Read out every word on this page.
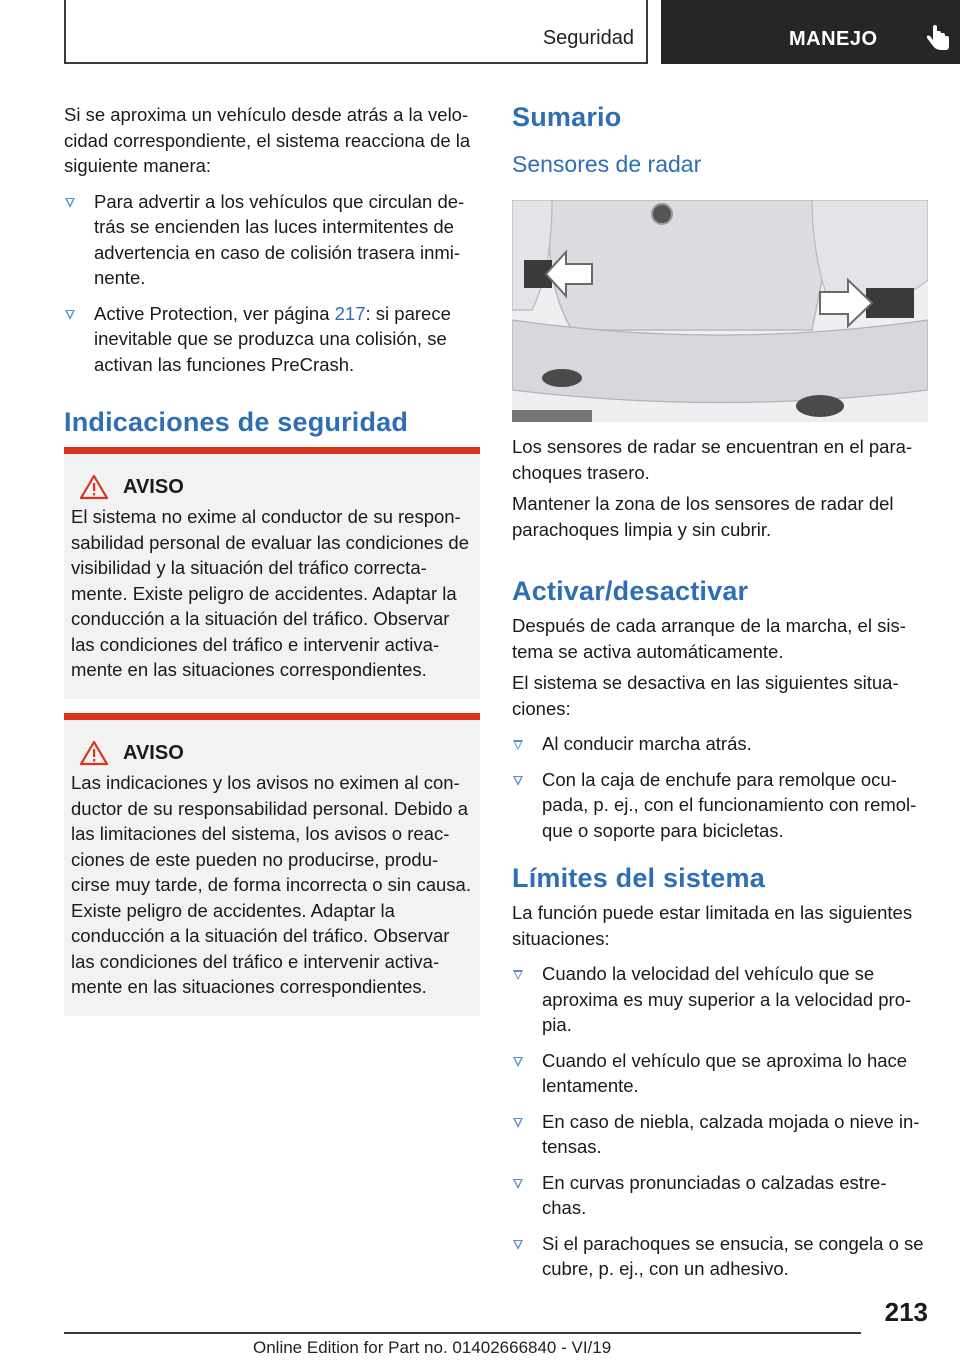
Seguridad	MANEJO

Si se aproxima un vehículo desde atrás a la velo-cidad correspondiente, el sistema reacciona de la siguiente manera:

Para advertir a los vehículos que circulan de-trás se encienden las luces intermitentes de advertencia en caso de colisión trasera inmi-nente.
Active Protection, ver página 217: si parece inevitable que se produzca una colisión, se activan las funciones PreCrash.
Indicaciones de seguridad
AVISO

El sistema no exime al conductor de su respon-sabilidad personal de evaluar las condiciones de visibilidad y la situación del tráfico correcta-mente. Existe peligro de accidentes. Adaptar la conducción a la situación del tráfico. Observar las condiciones del tráfico e intervenir activa-mente en las situaciones correspondientes.

AVISO

Las indicaciones y los avisos no eximen al con-ductor de su responsabilidad personal. Debido a las limitaciones del sistema, los avisos o reac-ciones de este pueden no producirse, produ-cirse muy tarde, de forma incorrecta o sin causa. Existe peligro de accidentes. Adaptar la conducción a la situación del tráfico. Observar las condiciones del tráfico e intervenir activa-mente en las situaciones correspondientes.

Sumario
Sensores de radar

Los sensores de radar se encuentran en el para-choques trasero.

Mantener la zona de los sensores de radar del parachoques limpia y sin cubrir.

Activar/desactivar

Después de cada arranque de la marcha, el sis-tema se activa automáticamente.

El sistema se desactiva en las siguientes situa-ciones:

Al conducir marcha atrás.
Con la caja de enchufe para remolque ocu-pada, p. ej., con el funcionamiento con remol-que o soporte para bicicletas.
Límites del sistema

La función puede estar limitada en las siguientes situaciones:

Cuando la velocidad del vehículo que se aproxima es muy superior a la velocidad pro-pia.
Cuando el vehículo que se aproxima lo hace lentamente.
En caso de niebla, calzada mojada o nieve in-tensas.
En curvas pronunciadas o calzadas estre-chas.
Si el parachoques se ensucia, se congela o se cubre, p. ej., con un adhesivo.
213
Online Edition for Part no. 01402666840 - VI/19
